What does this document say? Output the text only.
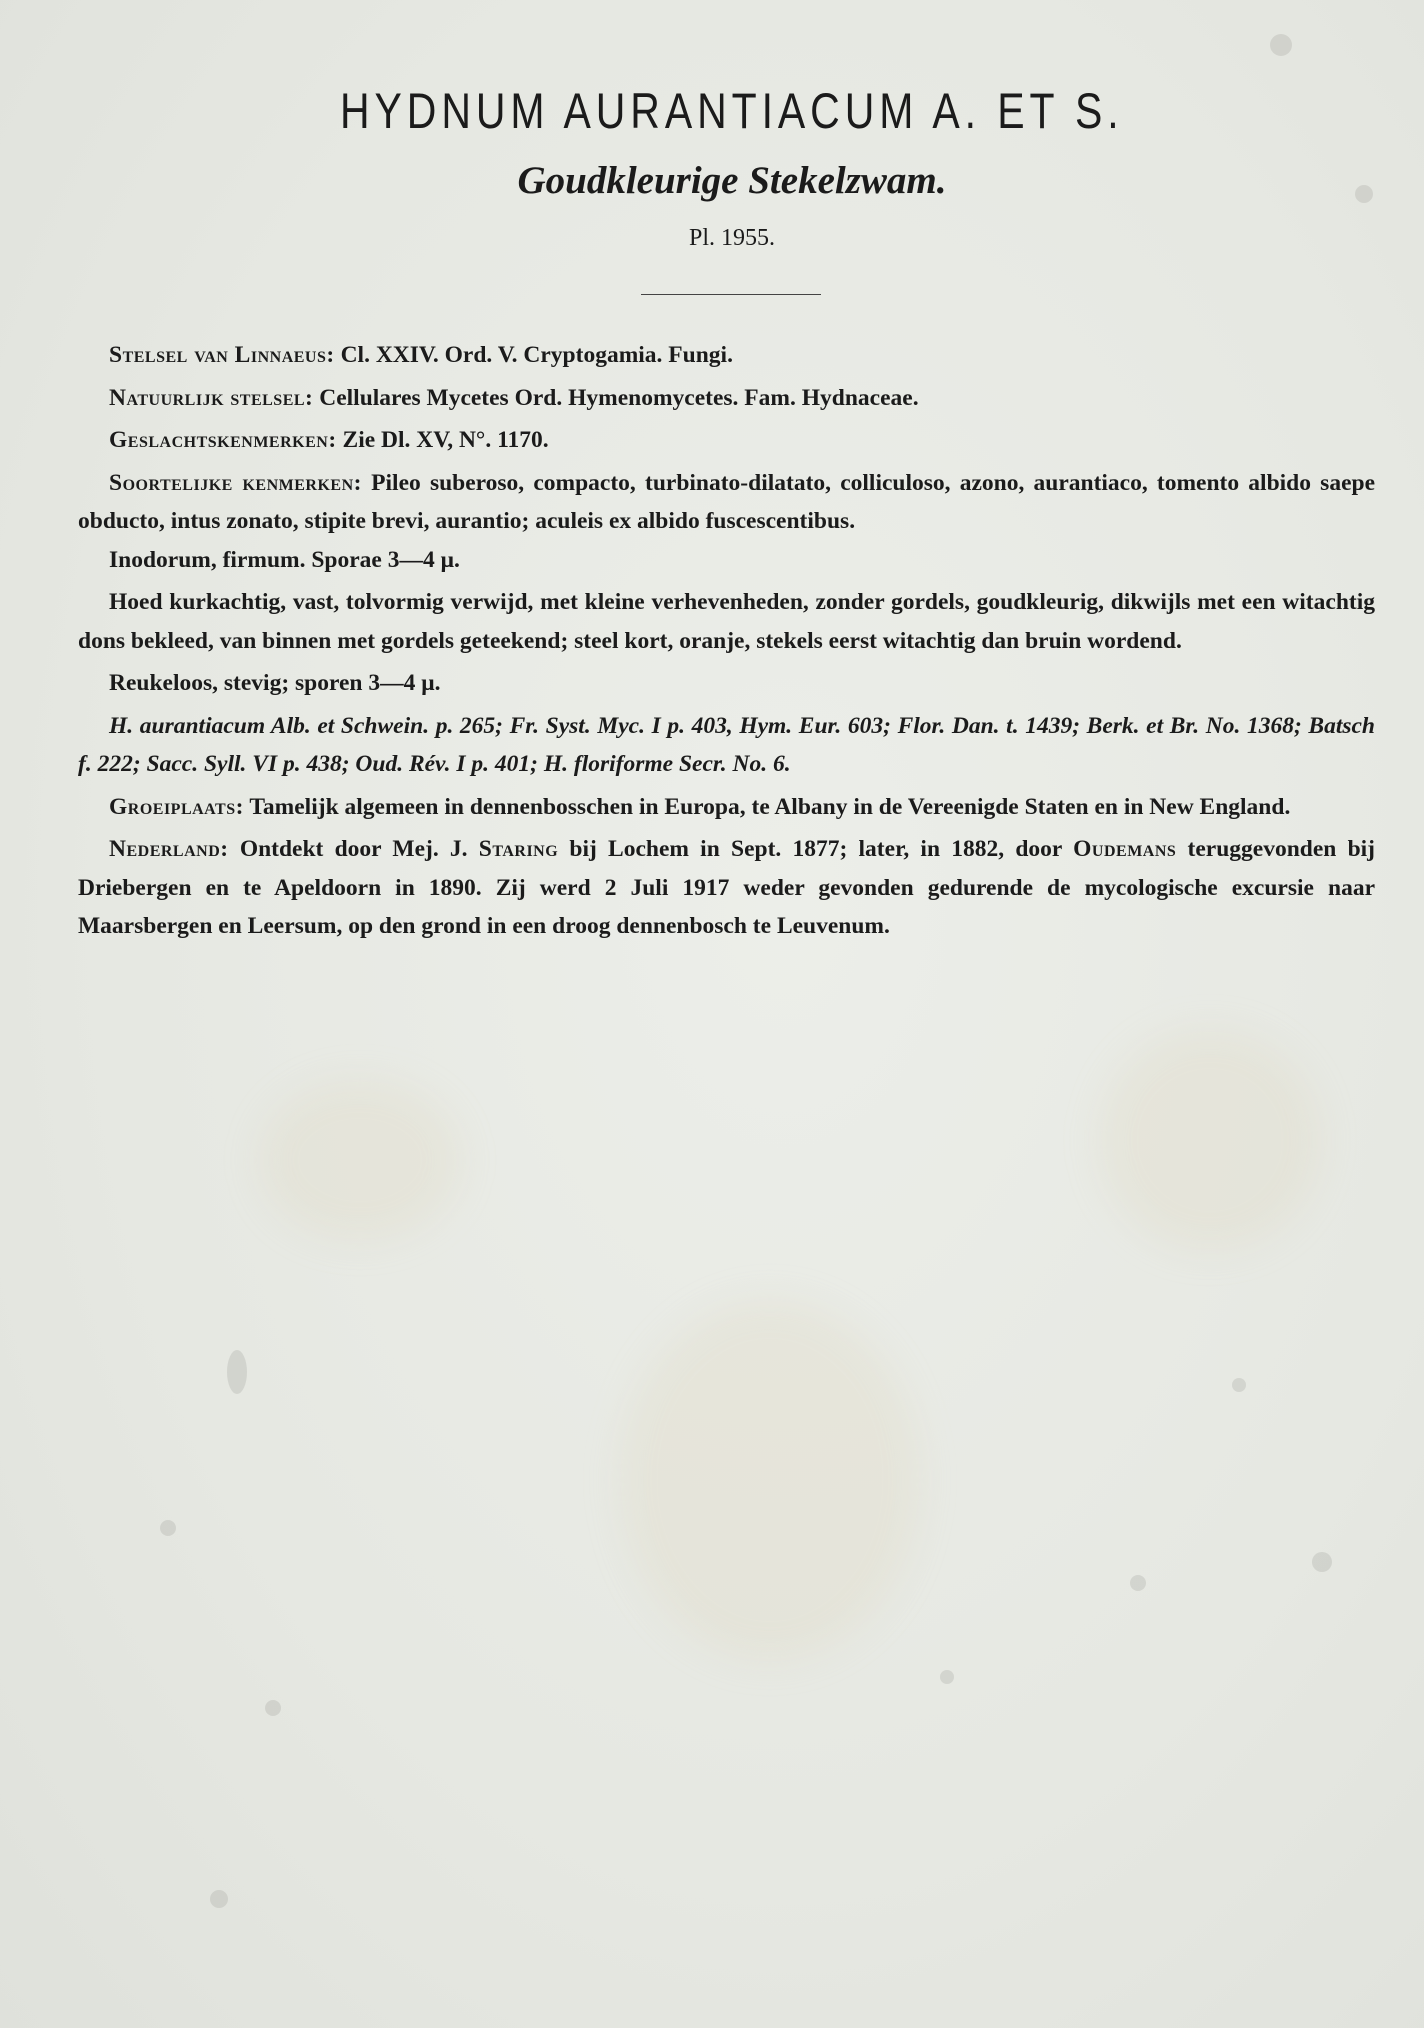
HYDNUM AURANTIACUM A. ET S.
Goudkleurige Stekelzwam.
Pl. 1955.

Stelsel van Linnaeus: Cl. XXIV. Ord. V. Cryptogamia. Fungi.

Natuurlijk stelsel: Cellulares Mycetes Ord. Hymenomycetes. Fam. Hydnaceae.

Geslachtskenmerken: Zie Dl. XV, N°. 1170.

Soortelijke kenmerken: Pileo suberoso, compacto, turbinato-dilatato, colliculoso, azono, aurantiaco, tomento albido saepe obducto, intus zonato, stipite brevi, aurantio; aculeis ex albido fuscescentibus.

Inodorum, firmum. Sporae 3—4 μ.

Hoed kurkachtig, vast, tolvormig verwijd, met kleine verhevenheden, zonder gordels, goudkleurig, dikwijls met een witachtig dons bekleed, van binnen met gordels geteekend; steel kort, oranje, stekels eerst witachtig dan bruin wordend.

Reukeloos, stevig; sporen 3—4 μ.

H. aurantiacum Alb. et Schwein. p. 265; Fr. Syst. Myc. I p. 403, Hym. Eur. 603; Flor. Dan. t. 1439; Berk. et Br. No. 1368; Batsch f. 222; Sacc. Syll. VI p. 438; Oud. Rév. I p. 401; H. floriforme Secr. No. 6.

Groeiplaats: Tamelijk algemeen in dennenbosschen in Europa, te Albany in de Vereenigde Staten en in New England.

Nederland: Ontdekt door Mej. J. Staring bij Lochem in Sept. 1877; later, in 1882, door Oudemans teruggevonden bij Driebergen en te Apeldoorn in 1890. Zij werd 2 Juli 1917 weder gevonden gedurende de mycologische excursie naar Maarsbergen en Leersum, op den grond in een droog dennenbosch te Leuvenum.
